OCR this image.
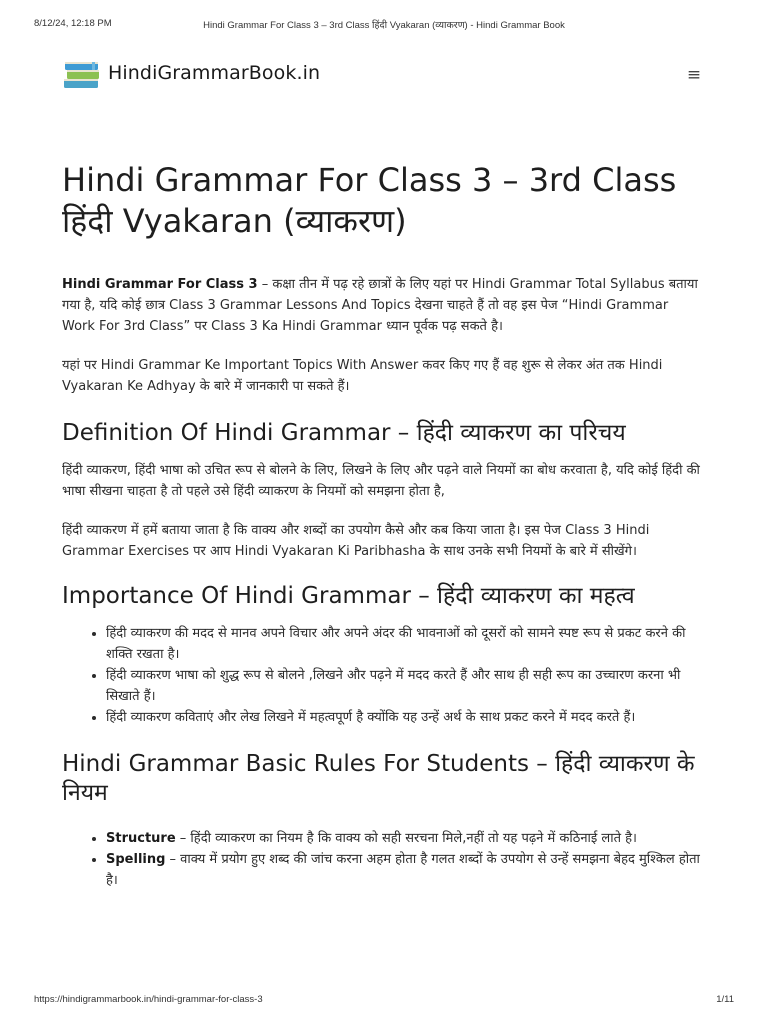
8/12/24, 12:18 PM	Hindi Grammar For Class 3 – 3rd Class हिंदी Vyakaran (व्याकरण) - Hindi Grammar Book
HindiGrammarBook.in	≡
Hindi Grammar For Class 3 – 3rd Class हिंदी Vyakaran (व्याकरण)

Hindi Grammar For Class 3 – कक्षा तीन में पढ़ रहे छात्रों के लिए यहां पर Hindi Grammar Total Syllabus बताया गया है, यदि कोई छात्र Class 3 Grammar Lessons And Topics देखना चाहते हैं तो वह इस पेज “Hindi Grammar Work For 3rd Class” पर Class 3 Ka Hindi Grammar ध्यान पूर्वक पढ़ सकते है।

यहां पर Hindi Grammar Ke Important Topics With Answer कवर किए गए हैं वह शुरू से लेकर अंत तक Hindi Vyakaran Ke Adhyay के बारे में जानकारी पा सकते हैं।

Definition Of Hindi Grammar – हिंदी व्याकरण का परिचय

हिंदी व्याकरण, हिंदी भाषा को उचित रूप से बोलने के लिए, लिखने के लिए और पढ़ने वाले नियमों का बोध करवाता है, यदि कोई हिंदी की भाषा सीखना चाहता है तो पहले उसे हिंदी व्याकरण के नियमों को समझना होता है,

हिंदी व्याकरण में हमें बताया जाता है कि वाक्य और शब्दों का उपयोग कैसे और कब किया जाता है। इस पेज Class 3 Hindi Grammar Exercises पर आप Hindi Vyakaran Ki Paribhasha के साथ उनके सभी नियमों के बारे में सीखेंगे।

Importance Of Hindi Grammar – हिंदी व्याकरण का महत्व
• हिंदी व्याकरण की मदद से मानव अपने विचार और अपने अंदर की भावनाओं को दूसरों को सामने स्पष्ट रूप से प्रकट करने की शक्ति रखता है।
• हिंदी व्याकरण भाषा को शुद्ध रूप से बोलने ,लिखने और पढ़ने में मदद करते हैं और साथ ही सही रूप का उच्चारण करना भी सिखाते हैं।
• हिंदी व्याकरण कविताएं और लेख लिखने में महत्वपूर्ण है क्योंकि यह उन्हें अर्थ के साथ प्रकट करने में मदद करते हैं।
Hindi Grammar Basic Rules For Students – हिंदी व्याकरण के नियम
• Structure – हिंदी व्याकरण का नियम है कि वाक्य को सही सरचना मिले,नहीं तो यह पढ़ने में कठिनाई लाते है।
• Spelling – वाक्य में प्रयोग हुए शब्द की जांच करना अहम होता है गलत शब्दों के उपयोग से उन्हें समझना बेहद मुश्किल होता है।
https://hindigrammarbook.in/hindi-grammar-for-class-3	1/11
